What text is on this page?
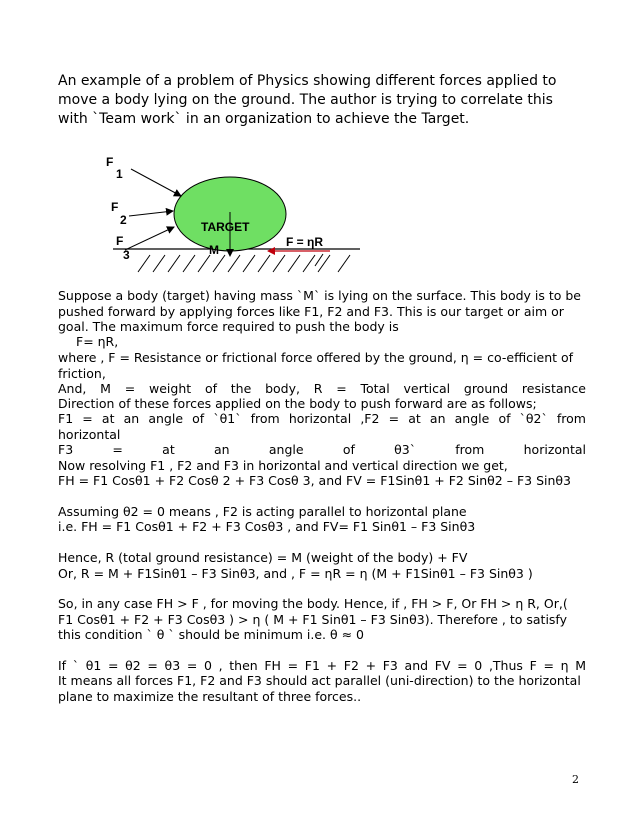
An example of a problem of Physics showing different forces applied to move a body lying on the ground. The author is trying to correlate this with `Team work` in an organization to achieve the Target.

TARGET
M
F = ηR
F
1
F
2
F
3

Suppose a body (target) having mass `M` is lying on the surface. This body is to be pushed forward by applying forces like F1, F2 and F3. This is our target or aim or goal. The maximum force required to push the body is

F= ηR,

where , F = Resistance or frictional force offered by the ground, η = co-efficient of friction,

And, M = weight of the body, R = Total vertical ground resistance

Direction of these forces applied on the body to push forward are as follows;

F1 = at an angle of `θ1` from horizontal ,F2 = at an angle of `θ2` from

horizontal

F3 = at an angle of θ3` from horizontal

Now resolving F1 , F2 and F3 in horizontal and vertical direction we get,

FH = F1 Cosθ1 + F2 Cosθ 2 + F3 Cosθ 3, and FV = F1Sinθ1 + F2 Sinθ2 – F3 Sinθ3

Assuming θ2 = 0 means , F2 is acting parallel to horizontal plane

i.e. FH = F1 Cosθ1 + F2 + F3 Cosθ3 , and FV= F1 Sinθ1 – F3 Sinθ3

Hence, R (total ground resistance) = M (weight of the body) + FV

Or, R = M + F1Sinθ1 – F3 Sinθ3, and , F = ηR = η (M + F1Sinθ1 – F3 Sinθ3 )

So, in any case FH > F , for moving the body. Hence, if , FH > F, Or FH > η R, Or,( F1 Cosθ1 + F2 + F3 Cosθ3 ) > η ( M + F1 Sinθ1 – F3 Sinθ3). Therefore , to satisfy this condition ` θ ` should be minimum i.e. θ ≈ 0

If ` θ1 = θ2 = θ3 = 0 , then FH = F1 + F2 + F3 and FV = 0 ,Thus F = η M

It means all forces F1, F2 and F3 should act parallel (uni-direction) to the horizontal plane to maximize the resultant of three forces..

2
